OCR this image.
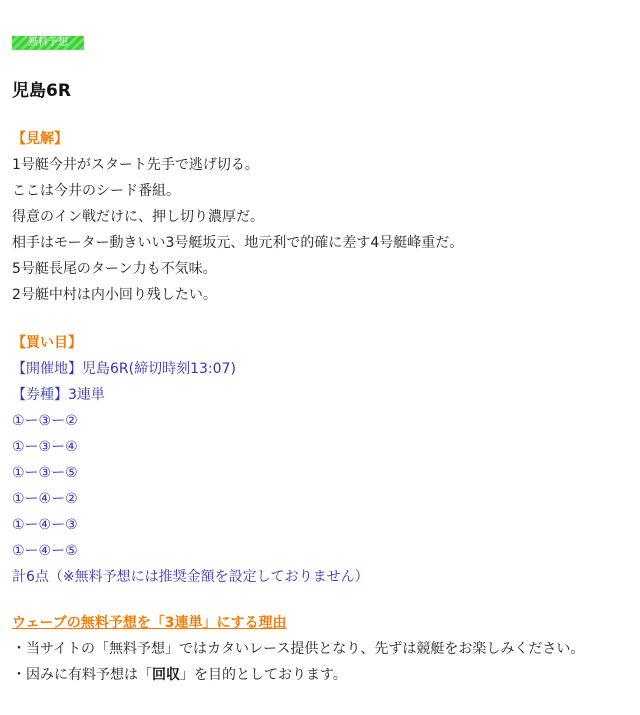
無料予想
児島6R
【見解】
1号艇今井がスタート先手で逃げ切る。
ここは今井のシード番組。
得意のイン戦だけに、押し切り濃厚だ。
相手はモーター動きいい3号艇坂元、地元利で的確に差す4号艇峰重だ。
5号艇長尾のターン力も不気味。
2号艇中村は内小回り残したい。
【買い目】
【開催地】児島6R(締切時刻13:07)
【券種】3連単
①ー③ー②
①ー③ー④
①ー③ー⑤
①ー④ー②
①ー④ー③
①ー④ー⑤
計6点（※無料予想には推奨金額を設定しておりません）
ウェーブの無料予想を「3連単」にする理由
・当サイトの「無料予想」ではカタいレース提供となり、先ずは競艇をお楽しみください。
・因みに有料予想は「回収」を目的としております。
